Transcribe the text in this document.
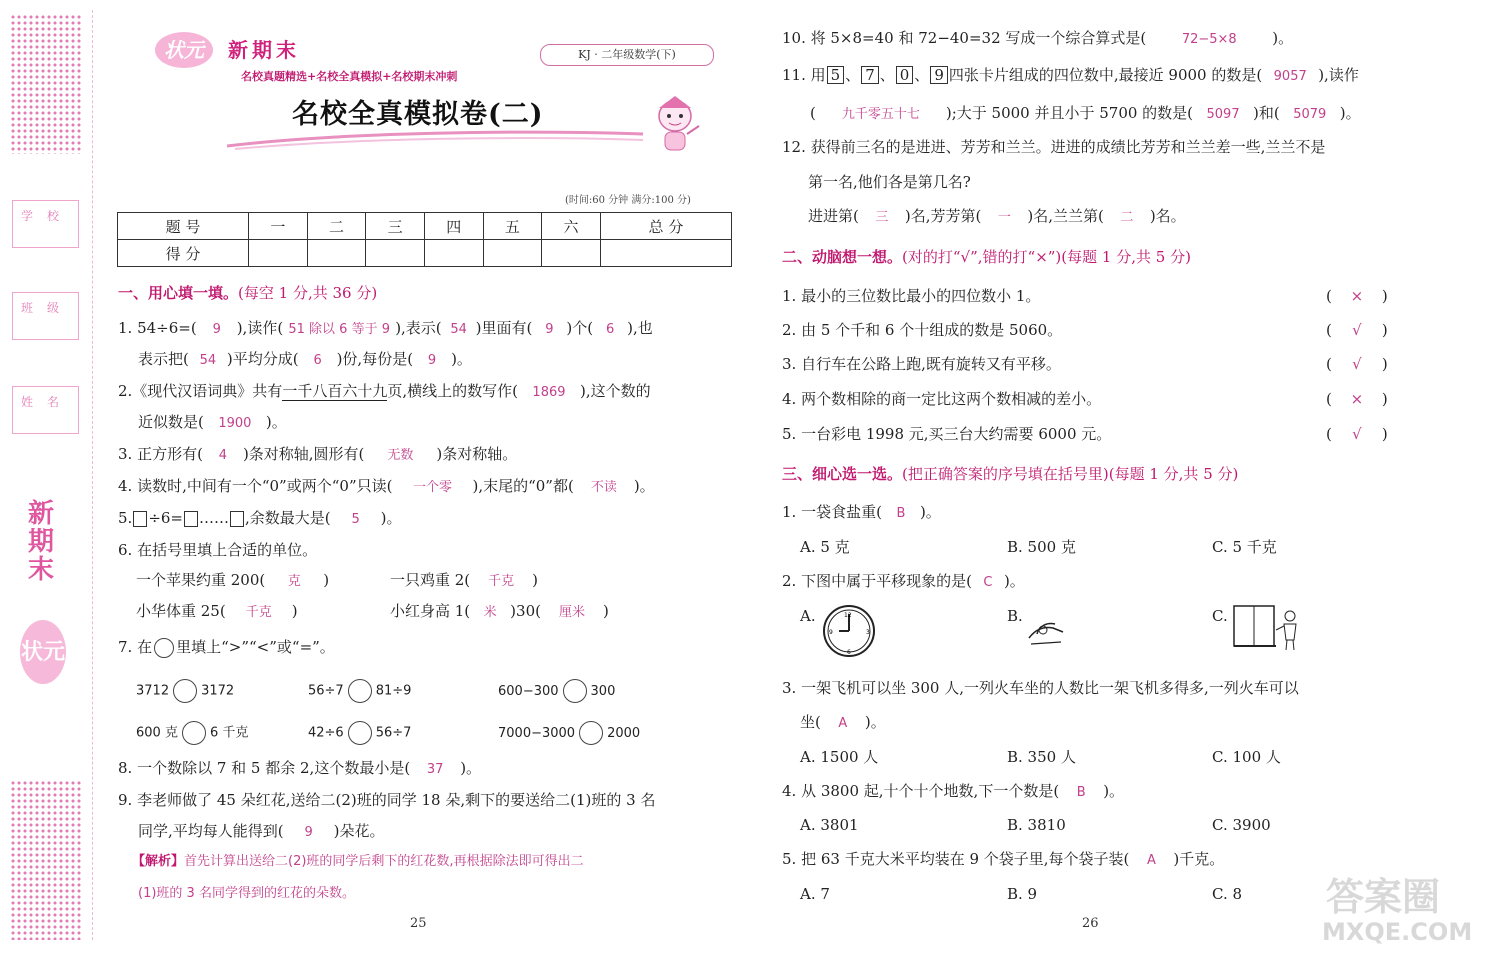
学校
班级
姓名
新期末
状元
状元	新期末
名校真题精选+名校全真模拟+名校期末冲刺
KJ · 二年级数学(下)
名校全真模拟卷(二)
(时间:60 分钟 满分:100 分)
题 号	一	二	三	四	五	六	总 分
得 分							
一、用心填一填。(每空 1 分,共 36 分)
1. 54÷6=( 9 ),读作( 51 除以 6 等于 9 ),表示( 54 )里面有( 9 )个( 6 ),也
表示把( 54 )平均分成( 6 )份,每份是( 9 )。
2.《现代汉语词典》共有一千八百六十九页,横线上的数写作( 1869 ),这个数的
近似数是( 1900 )。
3. 正方形有( 4 )条对称轴,圆形有( 无数 )条对称轴。
4. 读数时,中间有一个“0”或两个“0”只读( 一个零 ),末尾的“0”都( 不读 )。
5. ÷6= …… ,余数最大是( 5 )。
6. 在括号里填上合适的单位。
一个苹果约重 200( 克 )	一只鸡重 2( 千克 )
小华体重 25( 千克 )	小红身高 1( 米 )30( 厘米 )
7. 在 里填上“>”“<”或“=”。
3712 3172	56÷7 81÷9	600−300 300
600 克 6 千克	42÷6 56÷7	7000−3000 2000
8. 一个数除以 7 和 5 都余 2,这个数最小是( 37 )。
9. 李老师做了 45 朵红花,送给二(2)班的同学 18 朵,剩下的要送给二(1)班的 3 名
同学,平均每人能得到( 9 )朵花。
【解析】首先计算出送给二(2)班的同学后剩下的红花数,再根据除法即可得出二
(1)班的 3 名同学得到的红花的朵数。
25
10. 将 5×8=40 和 72−40=32 写成一个综合算式是(	72−5×8 )。
11. 用 5 、 7 、 0 、 9 四张卡片组成的四位数中,最接近 9000 的数是( 9057 ),读作
( 九千零五十七 );大于 5000 并且小于 5700 的数是( 5097 )和( 5079 )。
12. 获得前三名的是进进、芳芳和兰兰。进进的成绩比芳芳和兰兰差一些,兰兰不是
第一名,他们各是第几名?
进进第( 三 )名,芳芳第( 一 )名,兰兰第( 二 )名。
二、动脑想一想。(对的打“√”,错的打“×”)(每题 1 分,共 5 分)
1. 最小的三位数比最小的四位数小 1。	( × )
2. 由 5 个千和 6 个十组成的数是 5060。	( √ )
3. 自行车在公路上跑,既有旋转又有平移。	( √ )
4. 两个数相除的商一定比这两个数相减的差小。	( × )
5. 一台彩电 1998 元,买三台大约需要 6000 元。	( √ )
三、细心选一选。(把正确答案的序号填在括号里)(每题 1 分,共 5 分)
1. 一袋食盐重( B )。
A. 5 克	B. 500 克	C. 5 千克
2. 下图中属于平移现象的是( C )。
A.	12
3
6
9
B.	C.
3. 一架飞机可以坐 300 人,一列火车坐的人数比一架飞机多得多,一列火车可以
坐( A )。
A. 1500 人	B. 350 人	C. 100 人
4. 从 3800 起,十个十个地数,下一个数是( B )。
A. 3801	B. 3810	C. 3900
5. 把 63 千克大米平均装在 9 个袋子里,每个袋子装( A )千克。
A. 7	B. 9	C. 8
26
答案圈
MXQE.COM
